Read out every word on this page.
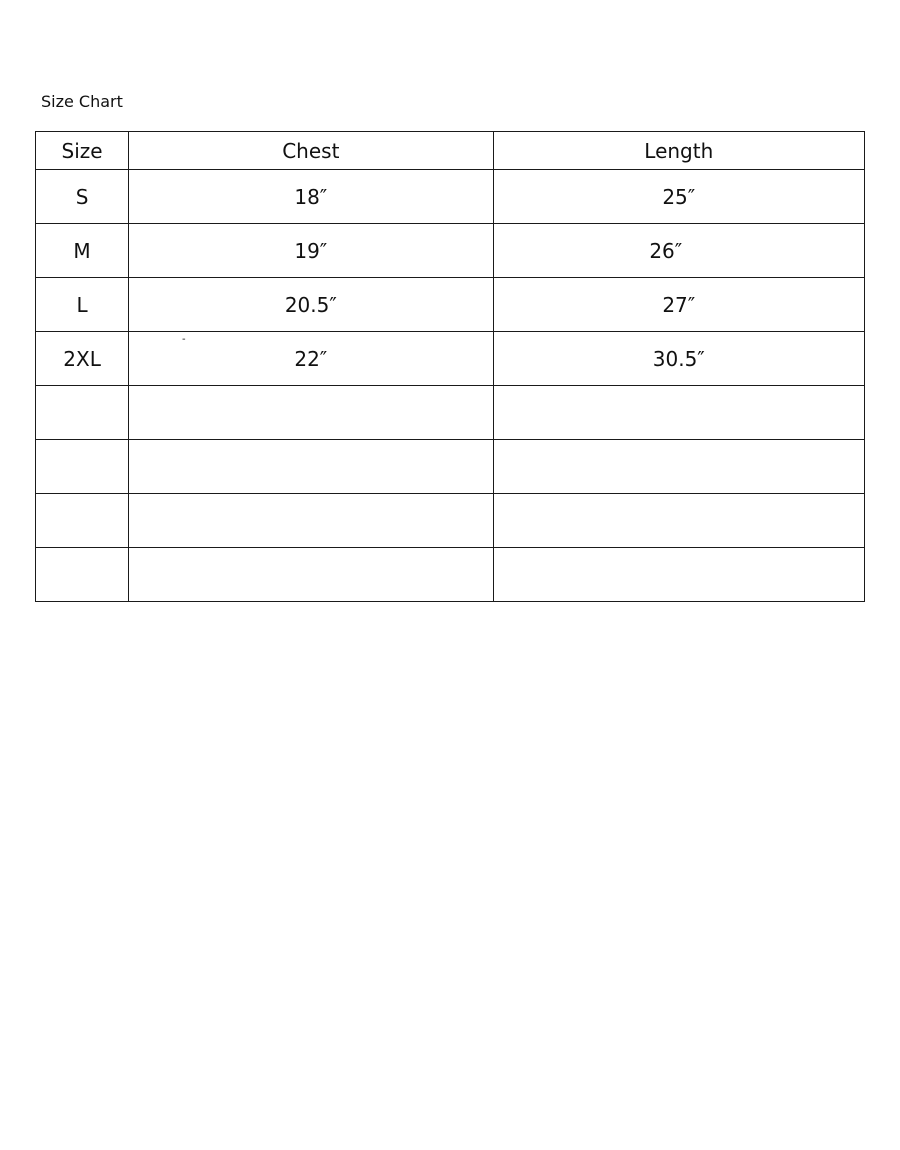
Size Chart
-
Size	Chest	Length
S	18″	25″
M	19″	26″
L	20.5″	27″
2XL	22″	30.5″
